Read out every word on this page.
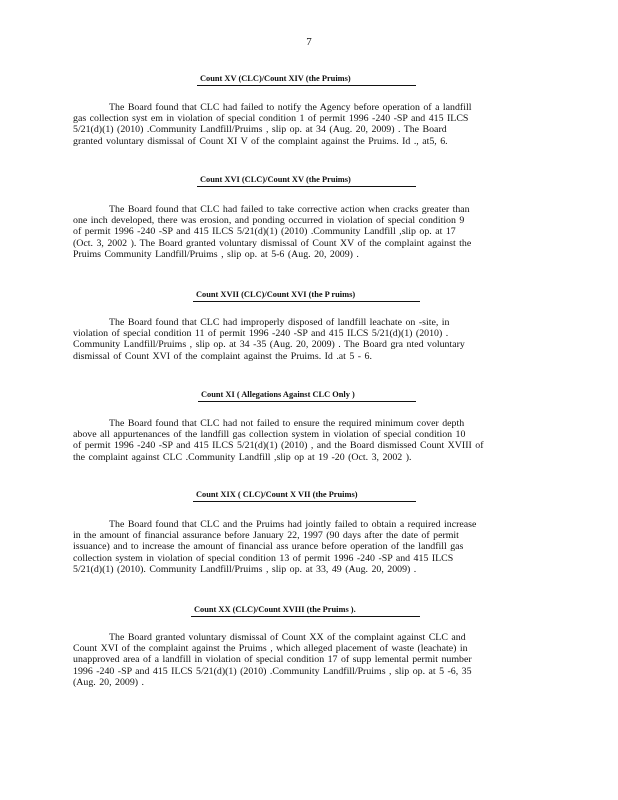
7
Count XV (CLC)/Count XIV (the Pruims)
The Board found that CLC had failed to notify the Agency before operation of a landfill
gas collection syst em in violation of special condition 1 of permit 1996 -240 -SP and 415 ILCS
5/21(d)(1) (2010) .Community Landfill/Pruims , slip op. at 34 (Aug. 20, 2009) . The Board
granted voluntary dismissal of Count XI V of the complaint against the Pruims. Id ., at5, 6.
Count XVI (CLC)/Count XV (the Pruims)
The Board found that CLC had failed to take corrective action when cracks greater than
one inch developed, there was erosion, and ponding occurred in violation of special condition 9
of permit 1996 -240 -SP and 415 ILCS 5/21(d)(1) (2010) .Community Landfill ,slip op. at 17
(Oct. 3, 2002 ). The Board granted voluntary dismissal of Count XV of the complaint against the
Pruims Community Landfill/Pruims , slip op. at 5-6 (Aug. 20, 2009) .
Count XVII (CLC)/Count XVI (the P ruims)
The Board found that CLC had improperly disposed of landfill leachate on -site, in
violation of special condition 11 of permit 1996 -240 -SP and 415 ILCS 5/21(d)(1) (2010) .
Community Landfill/Pruims , slip op. at 34 -35 (Aug. 20, 2009) . The Board gra nted voluntary
dismissal of Count XVI of the complaint against the Pruims. Id .at 5 - 6.
Count XI ( Allegations Against CLC Only )
The Board found that CLC had not failed to ensure the required minimum cover depth
above all appurtenances of the landfill gas collection system in violation of special condition 10
of permit 1996 -240 -SP and 415 ILCS 5/21(d)(1) (2010) , and the Board dismissed Count XVIII of
the complaint against CLC .Community Landfill ,slip op at 19 -20 (Oct. 3, 2002 ).
Count XIX ( CLC)/Count X VII (the Pruims)
The Board found that CLC and the Pruims had jointly failed to obtain a required increase
in the amount of financial assurance before January 22, 1997 (90 days after the date of permit
issuance) and to increase the amount of financial ass urance before operation of the landfill gas
collection system in violation of special condition 13 of permit 1996 -240 -SP and 415 ILCS
5/21(d)(1) (2010). Community Landfill/Pruims , slip op. at 33, 49 (Aug. 20, 2009) .
Count XX (CLC)/Count XVIII (the Pruims ).
The Board granted voluntary dismissal of Count XX of the complaint against CLC and
Count XVI of the complaint against the Pruims , which alleged placement of waste (leachate) in
unapproved area of a landfill in violation of special condition 17 of supp lemental permit number
1996 -240 -SP and 415 ILCS 5/21(d)(1) (2010) .Community Landfill/Pruims , slip op. at 5 -6, 35
(Aug. 20, 2009) .
